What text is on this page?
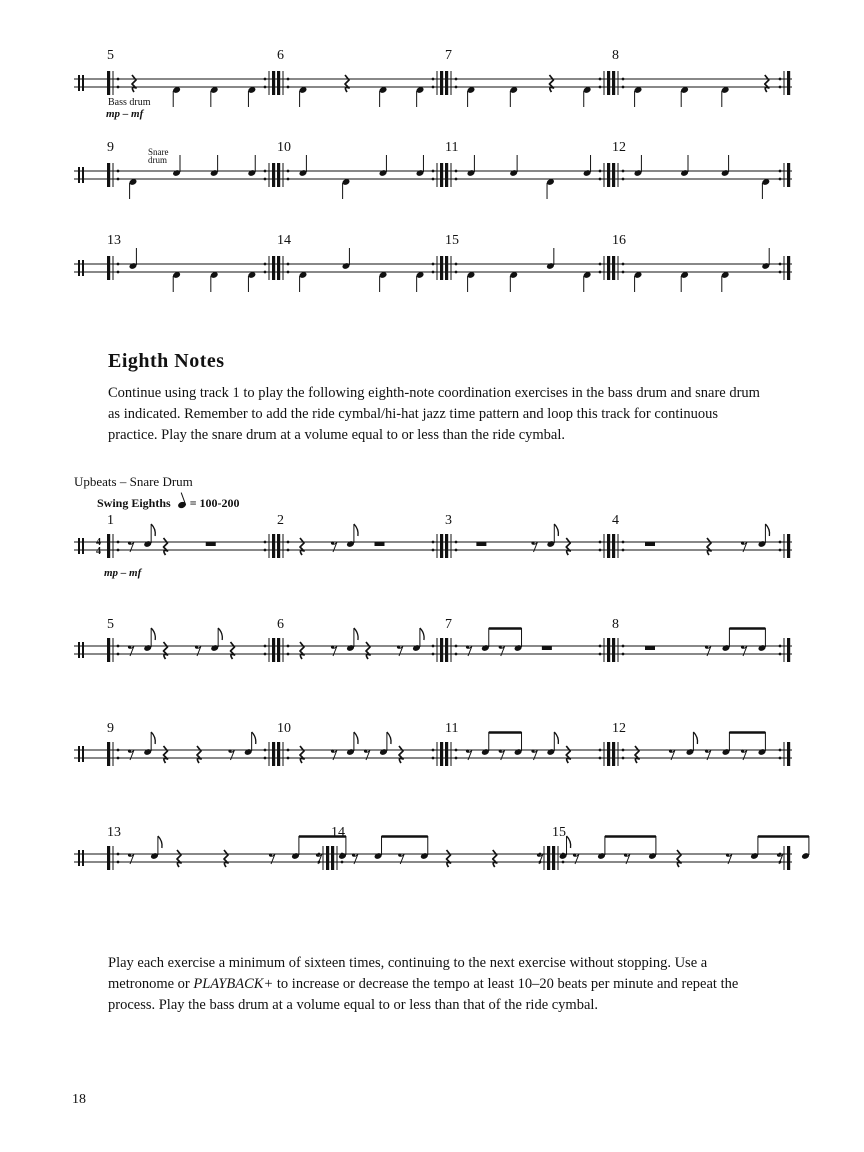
5	6	7	8
Bass drum
mp – mf
9	10	11	12
Snare
drum
13	14	15	16
1
4
4
2	3	4
mp – mf
5	6	7	8
9	10	11	12
13	14	15
Eighth Notes

Continue using track 1 to play the following eighth-note coordination exercises in the bass drum and snare drum as indicated. Remember to add the ride cymbal/hi-hat jazz time pattern and loop this track for continuous practice. Play the snare drum at a volume equal to or less than the ride cymbal.

Upbeats – Snare Drum
Swing Eighths = 100-200

Play each exercise a minimum of sixteen times, continuing to the next exercise without stopping. Use a metronome or PLAYBACK+ to increase or decrease the tempo at least 10–20 beats per minute and repeat the process. Play the bass drum at a volume equal to or less than that of the ride cymbal.

18
